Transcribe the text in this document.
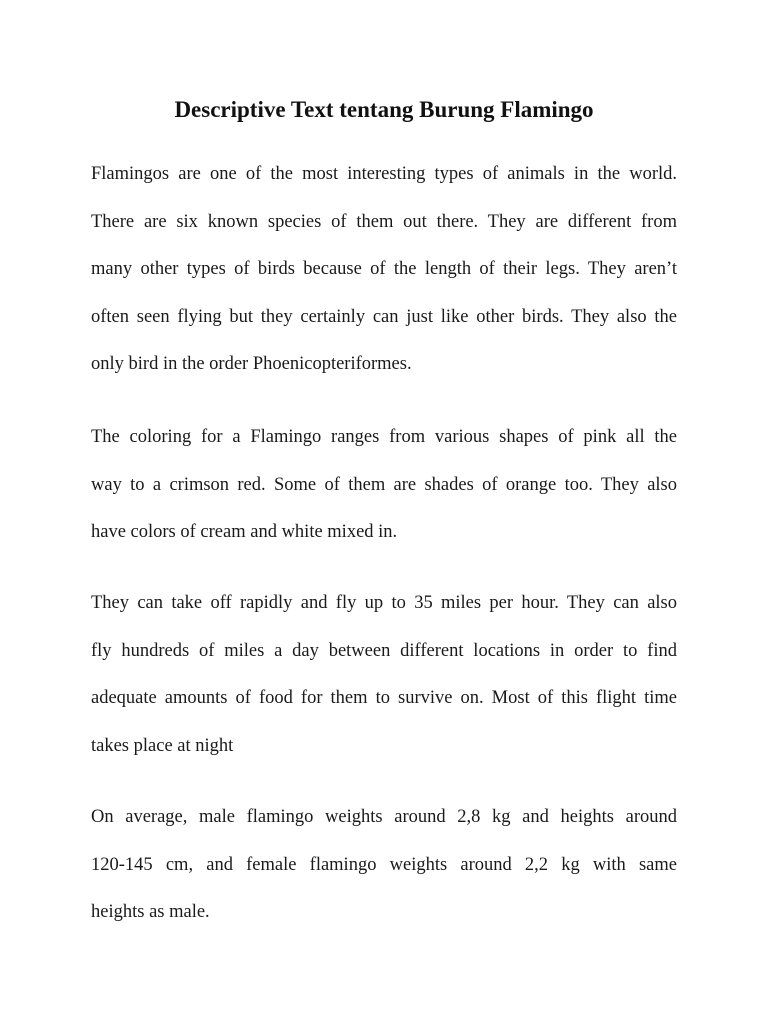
Descriptive Text tentang Burung Flamingo
Flamingos are one of the most interesting types of animals in the world.
There are six known species of them out there. They are different from
many other types of birds because of the length of their legs. They aren’t
often seen flying but they certainly can just like other birds. They also the
only bird in the order Phoenicopteriformes.
The coloring for a Flamingo ranges from various shapes of pink all the
way to a crimson red. Some of them are shades of orange too. They also
have colors of cream and white mixed in.
They can take off rapidly and fly up to 35 miles per hour. They can also
fly hundreds of miles a day between different locations in order to find
adequate amounts of food for them to survive on. Most of this flight time
takes place at night
On average, male flamingo weights around 2,8 kg and heights around
120-145 cm, and female flamingo weights around 2,2 kg with same
heights as male.
